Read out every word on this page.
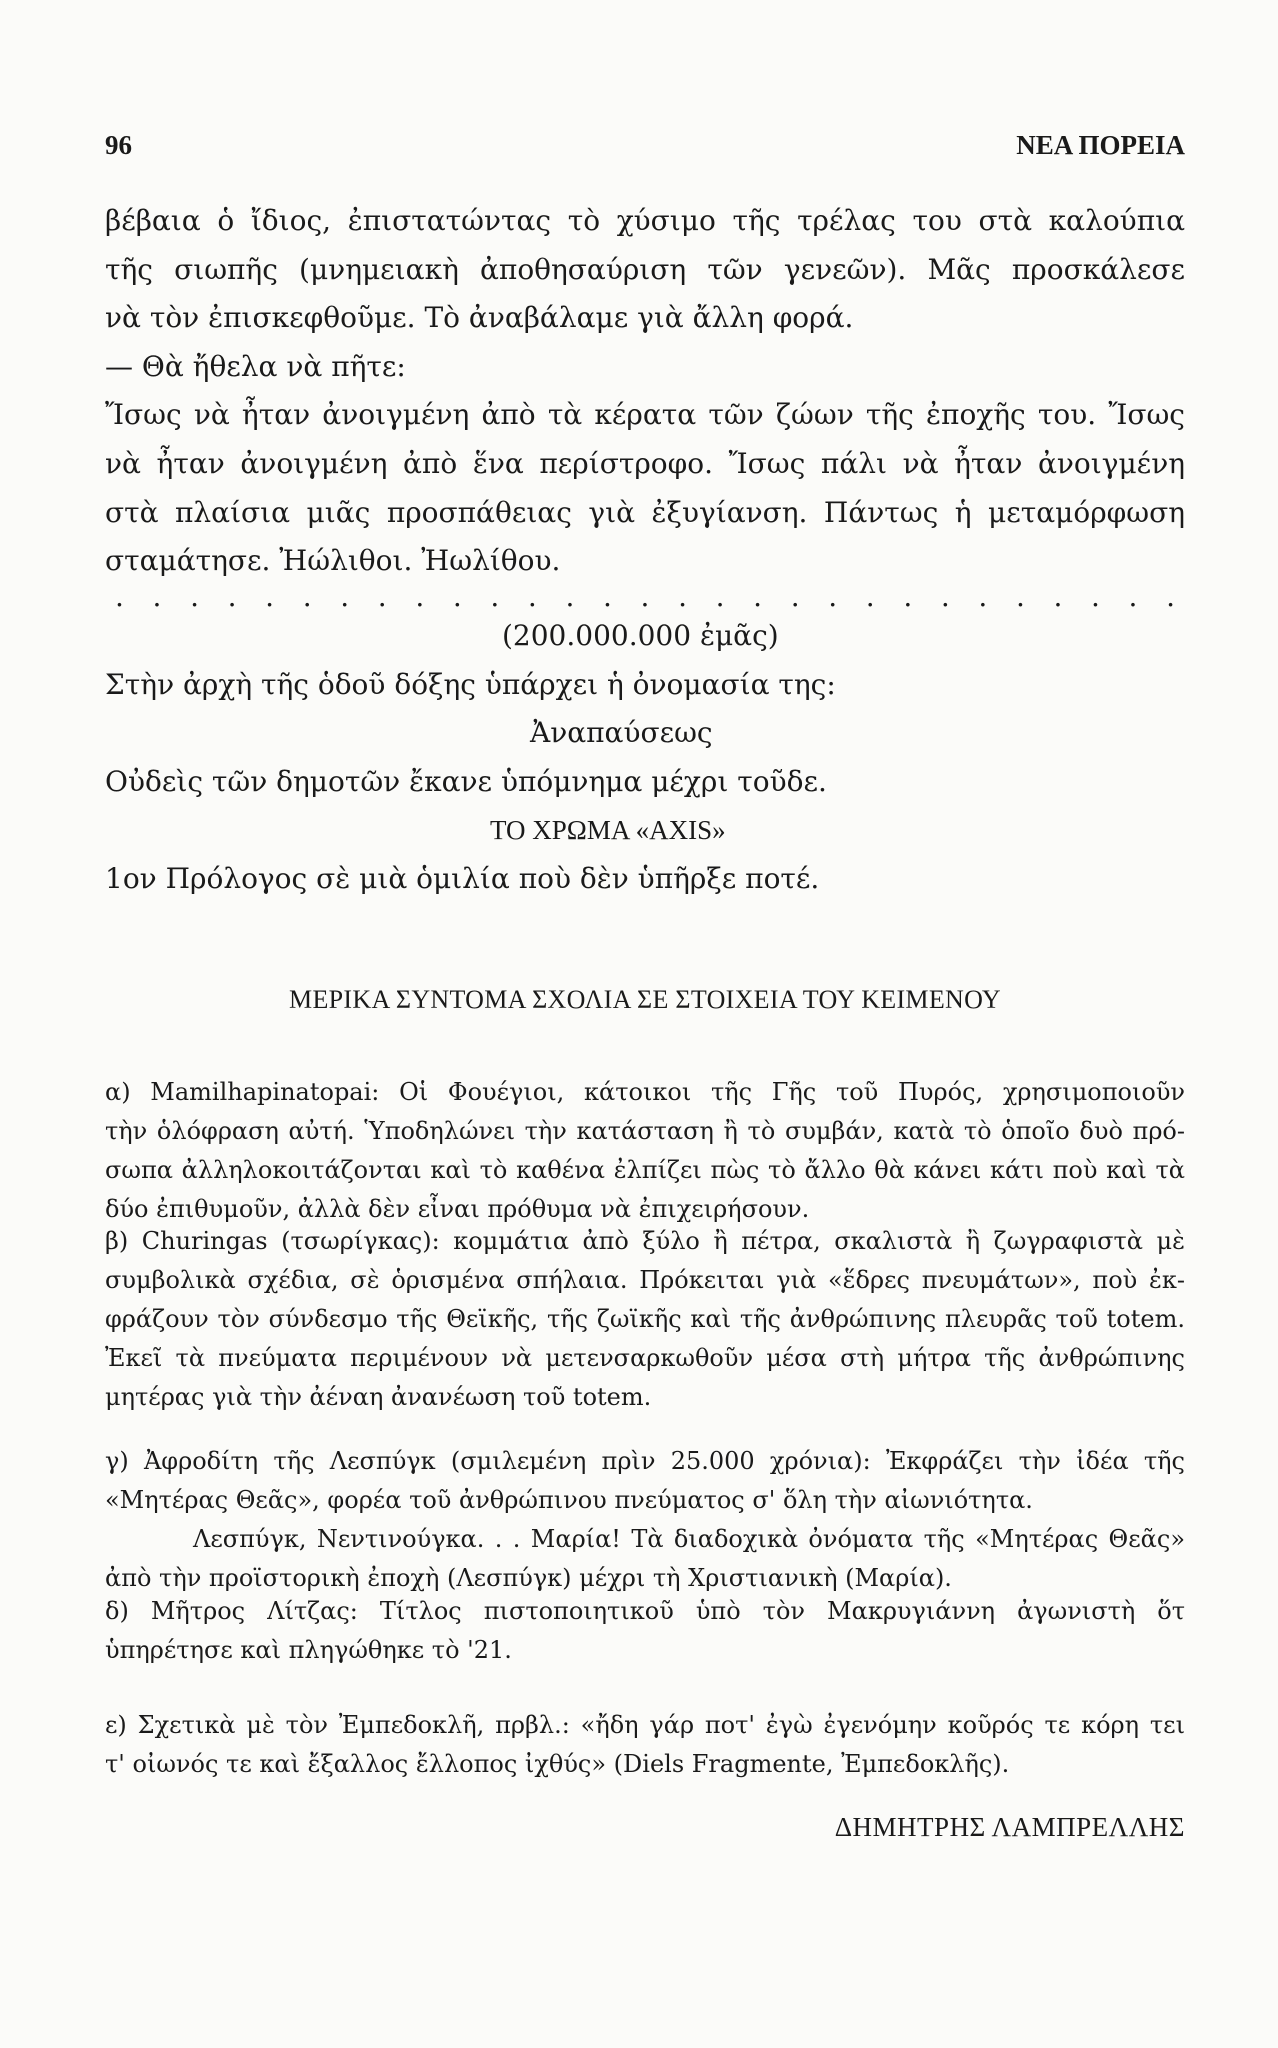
96	ΝΕΑ ΠΟΡΕΙΑ
βέβαια ὁ ἴδιος, ἐπιστατώντας τὸ χύσιμο τῆς τρέλας του στὰ καλούπια
τῆς σιωπῆς (μνημειακὴ ἀποθησαύριση τῶν γενεῶν). Μᾶς προσκάλεσε
νὰ τὸν ἐπισκεφθοῦμε. Τὸ ἀναβάλαμε γιὰ ἄλλη φορά.
— Θὰ ἤθελα νὰ πῆτε:
Ἴσως νὰ ἦταν ἀνοιγμένη ἀπὸ τὰ κέρατα τῶν ζώων τῆς ἐποχῆς του. Ἴσως
νὰ ἦταν ἀνοιγμένη ἀπὸ ἕνα περίστροφο. Ἴσως πάλι νὰ ἦταν ἀνοιγμένη
στὰ πλαίσια μιᾶς προσπάθειας γιὰ ἐξυγίανση. Πάντως ἡ μεταμόρφωση
σταμάτησε. Ἠώλιθοι. Ἠωλίθου.
. . . . . . . . . . . . . . . . . . . . . . . . . . . . .
(200.000.000 ἐμᾶς)
Στὴν ἀρχὴ τῆς ὁδοῦ δόξης ὑπάρχει ἡ ὀνομασία της:
Ἀναπαύσεως
Οὐδεὶς τῶν δημοτῶν ἔκανε ὑπόμνημα μέχρι τοῦδε.
ΤΟ ΧΡΩΜΑ «ΑΧΙS»
1ον Πρόλογος σὲ μιὰ ὁμιλία ποὺ δὲν ὑπῆρξε ποτέ.
ΜΕΡΙΚΑ ΣΥΝΤΟΜΑ ΣΧΟΛΙΑ ΣΕ ΣΤΟΙΧΕΙΑ ΤΟΥ ΚΕΙΜΕΝΟΥ
α) Mamilhapinatopai: Οἱ Φουέγιοι, κάτοικοι τῆς Γῆς τοῦ Πυρός, χρησιμοποιοῦν
τὴν ὁλόφραση αὐτή. Ὑποδηλώνει τὴν κατάσταση ἢ τὸ συμβάν, κατὰ τὸ ὁποῖο δυὸ πρό-
σωπα ἀλληλοκοιτάζονται καὶ τὸ καθένα ἐλπίζει πὼς τὸ ἄλλο θὰ κάνει κάτι ποὺ καὶ τὰ
δύο ἐπιθυμοῦν, ἀλλὰ δὲν εἶναι πρόθυμα νὰ ἐπιχειρήσουν.
β) Churingas (τσωρίγκας): κομμάτια ἀπὸ ξύλο ἢ πέτρα, σκαλιστὰ ἢ ζωγραφιστὰ μὲ
συμβολικὰ σχέδια, σὲ ὁρισμένα σπήλαια. Πρόκειται γιὰ «ἕδρες πνευμάτων», ποὺ ἐκ-
φράζουν τὸν σύνδεσμο τῆς Θεϊκῆς, τῆς ζωϊκῆς καὶ τῆς ἀνθρώπινης πλευρᾶς τοῦ totem.
Ἐκεῖ τὰ πνεύματα περιμένουν νὰ μετενσαρκωθοῦν μέσα στὴ μήτρα τῆς ἀνθρώπινης
μητέρας γιὰ τὴν ἀέναη ἀνανέωση τοῦ totem.
γ) Ἀφροδίτη τῆς Λεσπύγκ (σμιλεμένη πρὶν 25.000 χρόνια): Ἐκφράζει τὴν ἰδέα τῆς
«Μητέρας Θεᾶς», φορέα τοῦ ἀνθρώπινου πνεύματος σ' ὅλη τὴν αἰωνιότητα.
Λεσπύγκ, Νεντινούγκα. . . Μαρία! Τὰ διαδοχικὰ ὀνόματα τῆς «Μητέρας Θεᾶς»
ἀπὸ τὴν προϊστορικὴ ἐποχὴ (Λεσπύγκ) μέχρι τὴ Χριστιανικὴ (Μαρία).
δ) Μῆτρος Λίτζας: Τίτλος πιστοποιητικοῦ ὑπὸ τὸν Μακρυγιάννη ἀγωνιστὴ ὅτ
ὑπηρέτησε καὶ πληγώθηκε τὸ '21.
ε) Σχετικὰ μὲ τὸν Ἐμπεδοκλῆ, πρβλ.: «ἤδη γάρ ποτ' ἐγὼ ἐγενόμην κοῦρός τε κόρη τει
τ' οἰωνός τε καὶ ἔξαλλος ἔλλοπος ἰχθύς» (Diels Fragmente, Ἐμπεδοκλῆς).
ΔΗΜΗΤΡΗΣ ΛΑΜΠΡΕΛΛΗΣ
